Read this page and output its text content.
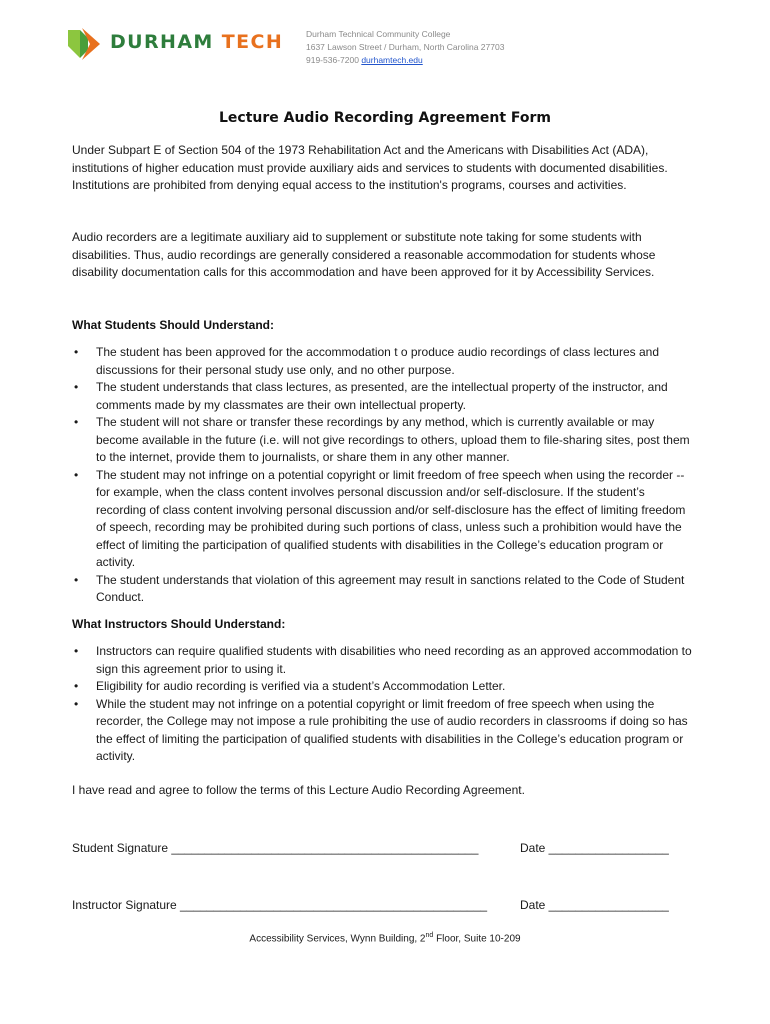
DURHAM TECH	Durham Technical Community College
1637 Lawson Street / Durham, North Carolina 27703
919-536-7200 durhamtech.edu
Lecture Audio Recording Agreement Form
Under Subpart E of Section 504 of the 1973 Rehabilitation Act and the Americans with Disabilities Act (ADA), institutions of higher education must provide auxiliary aids and services to students with documented disabilities. Institutions are prohibited from denying equal access to the institution's programs, courses and activities.
Audio recorders are a legitimate auxiliary aid to supplement or substitute note taking for some students with disabilities. Thus, audio recordings are generally considered a reasonable accommodation for students whose disability documentation calls for this accommodation and have been approved for it by Accessibility Services.
What Students Should Understand:
• The student has been approved for the accommodation t o produce audio recordings of class lectures and discussions for their personal study use only, and no other purpose.
• The student understands that class lectures, as presented, are the intellectual property of the instructor, and comments made by my classmates are their own intellectual property.
• The student will not share or transfer these recordings by any method, which is currently available or may become available in the future (i.e. will not give recordings to others, upload them to file-sharing sites, post them to the internet, provide them to journalists, or share them in any other manner.
• The student may not infringe on a potential copyright or limit freedom of free speech when using the recorder -- for example, when the class content involves personal discussion and/or self-disclosure. If the student’s recording of class content involving personal discussion and/or self-disclosure has the effect of limiting freedom of speech, recording may be prohibited during such portions of class, unless such a prohibition would have the effect of limiting the participation of qualified students with disabilities in the College’s education program or activity.
• The student understands that violation of this agreement may result in sanctions related to the Code of Student Conduct.
What Instructors Should Understand:
• Instructors can require qualified students with disabilities who need recording as an approved accommodation to sign this agreement prior to using it.
• Eligibility for audio recording is verified via a student’s Accommodation Letter.
• While the student may not infringe on a potential copyright or limit freedom of free speech when using the recorder, the College may not impose a rule prohibiting the use of audio recorders in classrooms if doing so has the effect of limiting the participation of qualified students with disabilities in the College’s education program or activity.
I have read and agree to follow the terms of this Lecture Audio Recording Agreement.
Student Signature ______________________________________________	Date __________________
Instructor Signature ______________________________________________	Date __________________
Accessibility Services, Wynn Building, 2nd Floor, Suite 10-209
